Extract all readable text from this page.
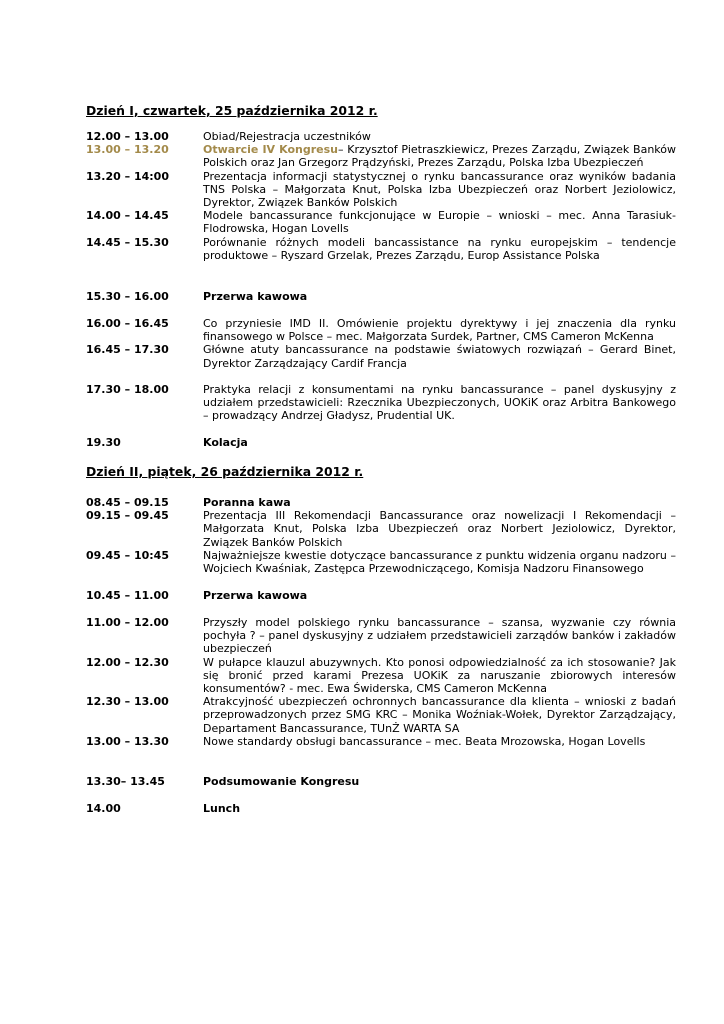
Dzień I, czwartek, 25 października 2012 r.
12.00 – 13.00	Obiad/Rejestracja uczestników
13.00 – 13.20	Otwarcie IV Kongresu– Krzysztof Pietraszkiewicz, Prezes Zarządu, Związek Banków Polskich oraz Jan Grzegorz Prądzyński, Prezes Zarządu, Polska Izba Ubezpieczeń
13.20 – 14:00	Prezentacja informacji statystycznej o rynku bancassurance oraz wyników badania TNS Polska – Małgorzata Knut, Polska Izba Ubezpieczeń oraz Norbert Jeziolowicz, Dyrektor, Związek Banków Polskich
14.00 – 14.45	Modele bancassurance funkcjonujące w Europie – wnioski – mec. Anna Tarasiuk-Flodrowska, Hogan Lovells
14.45 – 15.30	Porównanie różnych modeli bancassistance na rynku europejskim – tendencje produktowe – Ryszard Grzelak, Prezes Zarządu, Europ Assistance Polska
15.30 – 16.00	Przerwa kawowa
16.00 – 16.45	Co przyniesie IMD II. Omówienie projektu dyrektywy i jej znaczenia dla rynku finansowego w Polsce – mec. Małgorzata Surdek, Partner, CMS Cameron McKenna
16.45 – 17.30	Główne atuty bancassurance na podstawie światowych rozwiązań – Gerard Binet, Dyrektor Zarządzający Cardif Francja
17.30 – 18.00	Praktyka relacji z konsumentami na rynku bancassurance – panel dyskusyjny z udziałem przedstawicieli: Rzecznika Ubezpieczonych, UOKiK oraz Arbitra Bankowego – prowadzący Andrzej Gładysz, Prudential UK.
19.30	Kolacja
Dzień II, piątek, 26 października 2012 r.
08.45 – 09.15	Poranna kawa
09.15 – 09.45	Prezentacja III Rekomendacji Bancassurance oraz nowelizacji I Rekomendacji – Małgorzata Knut, Polska Izba Ubezpieczeń oraz Norbert Jeziolowicz, Dyrektor, Związek Banków Polskich
09.45 – 10:45	Najważniejsze kwestie dotyczące bancassurance z punktu widzenia organu nadzoru – Wojciech Kwaśniak, Zastępca Przewodniczącego, Komisja Nadzoru Finansowego
10.45 – 11.00	Przerwa kawowa
11.00 – 12.00	Przyszły model polskiego rynku bancassurance – szansa, wyzwanie czy równia pochyła ? – panel dyskusyjny z udziałem przedstawicieli zarządów banków i zakładów ubezpieczeń
12.00 – 12.30	W pułapce klauzul abuzywnych. Kto ponosi odpowiedzialność za ich stosowanie? Jak się bronić przed karami Prezesa UOKiK za naruszanie zbiorowych interesów konsumentów? - mec. Ewa Świderska, CMS Cameron McKenna
12.30 – 13.00	Atrakcyjność ubezpieczeń ochronnych bancassurance dla klienta – wnioski z badań przeprowadzonych przez SMG KRC – Monika Woźniak-Wołek, Dyrektor Zarządzający, Departament Bancassurance, TUnŻ WARTA SA
13.00 – 13.30	Nowe standardy obsługi bancassurance – mec. Beata Mrozowska, Hogan Lovells
13.30– 13.45	Podsumowanie Kongresu
14.00	Lunch
